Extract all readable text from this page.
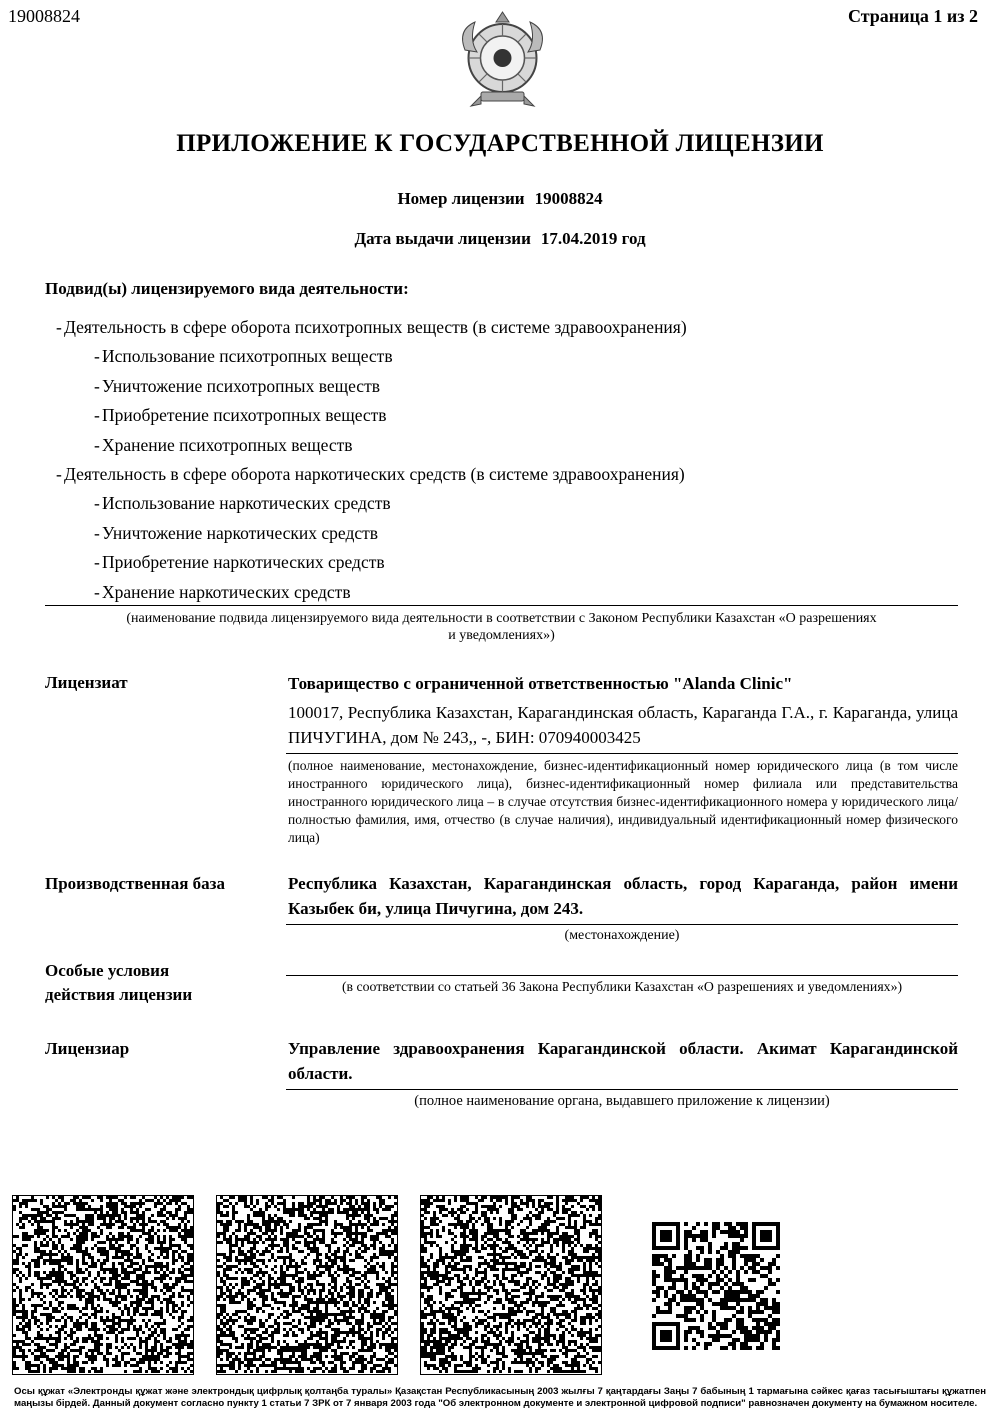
19008824	Страница 1 из 2
ПРИЛОЖЕНИЕ К ГОСУДАРСТВЕННОЙ ЛИЦЕНЗИИ
Номер лицензии 19008824
Дата выдачи лицензии 17.04.2019 год
Подвид(ы) лицензируемого вида деятельности:
- Деятельность в сфере оборота психотропных веществ (в системе здравоохранения)
- Использование психотропных веществ
- Уничтожение психотропных веществ
- Приобретение психотропных веществ
- Хранение психотропных веществ
- Деятельность в сфере оборота наркотических средств (в системе здравоохранения)
- Использование наркотических средств
- Уничтожение наркотических средств
- Приобретение наркотических средств
- Хранение наркотических средств
(наименование подвида лицензируемого вида деятельности в соответствии с Законом Республики Казахстан «О разрешениях
и уведомлениях»)
Лицензиат	Товарищество с ограниченной ответственностью "Alanda Clinic"
100017, Республика Казахстан, Карагандинская область, Караганда Г.А., г. Караганда, улица ПИЧУГИНА, дом № 243,, -, БИН: 070940003425
(полное наименование, местонахождение, бизнес-идентификационный номер юридического лица (в том числе иностранного юридического лица), бизнес-идентификационный номер филиала или представительства иностранного юридического лица – в случае отсутствия бизнес-идентификационного номера у юридического лица/полностью фамилия, имя, отчество (в случае наличия), индивидуальный идентификационный номер физического лица)
Производственная база	Республика Казахстан, Карагандинская область, город Караганда, район имени Казыбек би, улица Пичугина, дом 243.
(местонахождение)
Особые условия
действия лицензии	(в соответствии со статьей 36 Закона Республики Казахстан «О разрешениях и уведомлениях»)
Лицензиар	Управление здравоохранения Карагандинской области. Акимат Карагандинской области.
(полное наименование органа, выдавшего приложение к лицензии)
Осы құжат «Электронды құжат және электрондық цифрлық қолтаңба туралы» Қазақстан Республикасының 2003 жылғы 7 қаңтардағы Заңы 7 бабының 1 тармағына сәйкес қағаз тасығыштағы құжатпен маңызы бірдей. Данный документ согласно пункту 1 статьи 7 ЗРК от 7 января 2003 года "Об электронном документе и электронной цифровой подписи" равнозначен документу на бумажном носителе.
